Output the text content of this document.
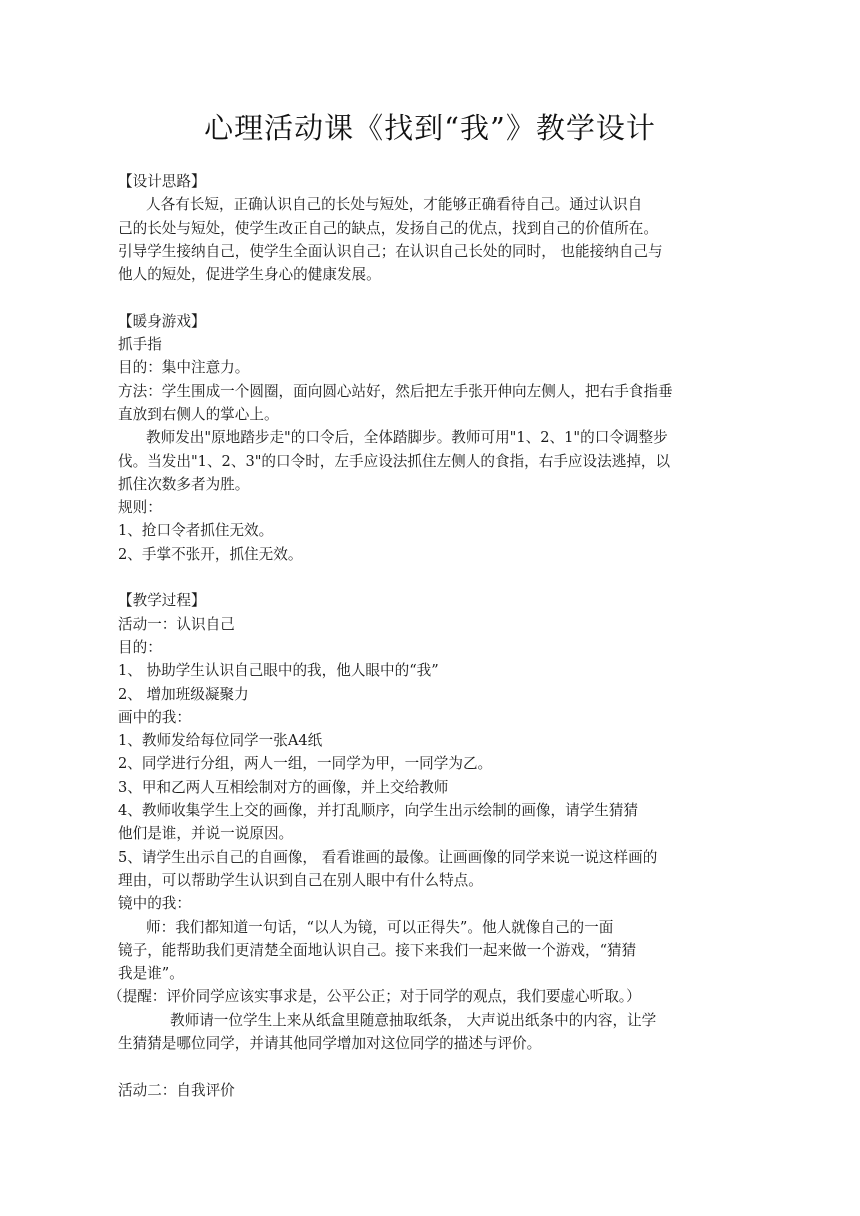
心理活动课《找到“我”》教学设计
【设计思路】
人各有长短，正确认识自己的长处与短处，才能够正确看待自己。通过认识自
己的长处与短处，使学生改正自己的缺点，发扬自己的优点，找到自己的价值所在。
引导学生接纳自己，使学生全面认识自己；在认识自己长处的同时， 也能接纳自己与
他人的短处，促进学生身心的健康发展。
【暖身游戏】
抓手指
目的：集中注意力。
方法：学生围成一个圆圈，面向圆心站好，然后把左手张开伸向左侧人，把右手食指垂
直放到右侧人的掌心上。
教师发出"原地踏步走"的口令后，全体踏脚步。教师可用"1、2、1"的口令调整步
伐。当发出"1、2、3"的口令时，左手应设法抓住左侧人的食指，右手应设法逃掉，以
抓住次数多者为胜。
规则：
1、抢口令者抓住无效。
2、手掌不张开，抓住无效。
【教学过程】
活动一：认识自己
目的：
1、 协助学生认识自己眼中的我，他人眼中的“我”
2、 增加班级凝聚力
画中的我：
1、教师发给每位同学一张A4纸
2、同学进行分组，两人一组，一同学为甲，一同学为乙。
3、甲和乙两人互相绘制对方的画像，并上交给教师
4、教师收集学生上交的画像，并打乱顺序，向学生出示绘制的画像，请学生猜猜
他们是谁，并说一说原因。
5、请学生出示自己的自画像， 看看谁画的最像。让画画像的同学来说一说这样画的
理由，可以帮助学生认识到自己在别人眼中有什么特点。
镜中的我：
师：我们都知道一句话，“以人为镜，可以正得失”。他人就像自己的一面
镜子，能帮助我们更清楚全面地认识自己。接下来我们一起来做一个游戏，“猜猜
我是谁”。
（提醒：评价同学应该实事求是，公平公正；对于同学的观点，我们要虚心听取。）
教师请一位学生上来从纸盒里随意抽取纸条， 大声说出纸条中的内容，让学
生猜猜是哪位同学，并请其他同学增加对这位同学的描述与评价。
活动二：自我评价
